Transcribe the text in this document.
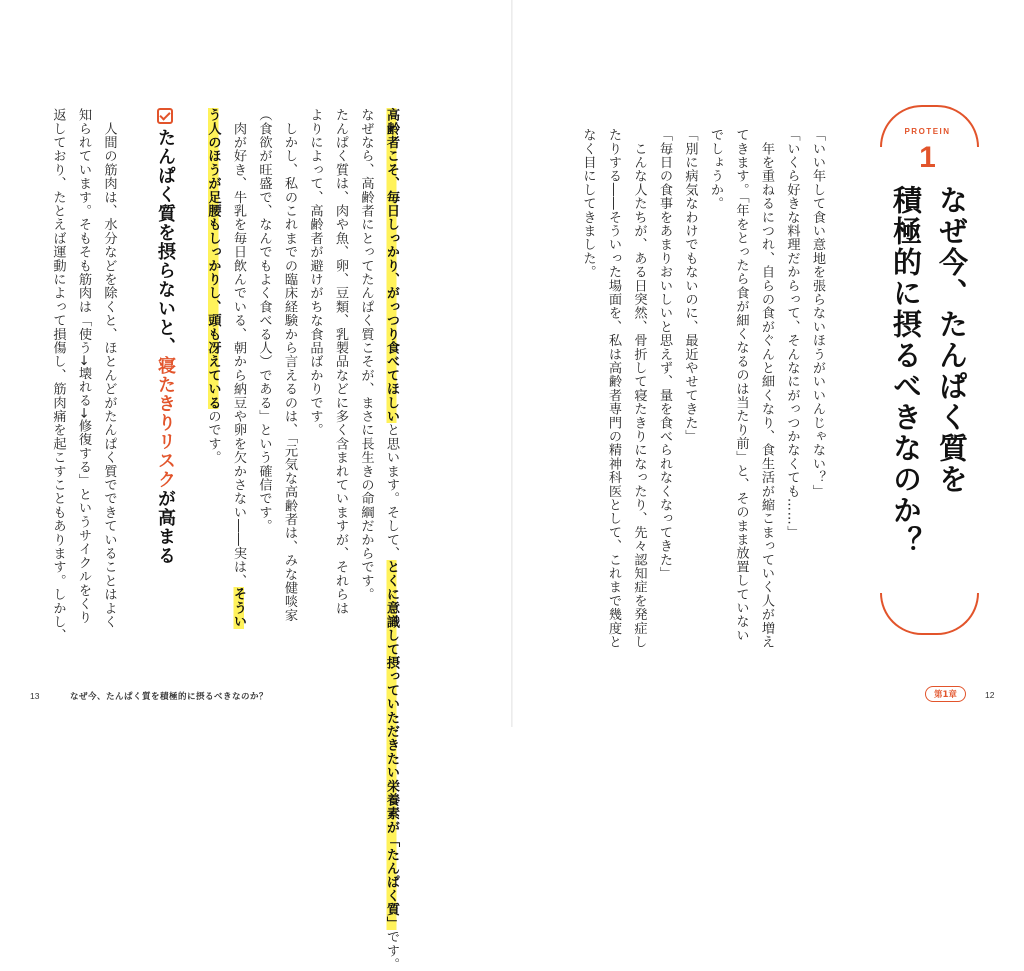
PROTEIN
1

なぜ今、たんぱく質を

積極的に摂るべきなのか？

「いい年して食い意地を張らないほうがいいんじゃない？」

「いくら好きな料理だからって、そんなにがっつかなくても……」

　年を重ねるにつれ、自らの食がぐんと細くなり、食生活が縮こまっていく人が増え

てきます。「年をとったら食が細くなるのは当たり前」と、そのまま放置していない

でしょうか。

「別に病気なわけでもないのに、最近やせてきた」

「毎日の食事をあまりおいしいと思えず、量を食べられなくなってきた」

　こんな人たちが、ある日突然、骨折して寝たきりになったり、先々認知症を発症し

たりする――そういった場面を、私は高齢者専門の精神科医として、これまで幾度と

なく目にしてきました。

高齢者こそ、毎日しっかり、がっつり食べてほしいと思います。そして、とくに意識して摂っていただきたい栄養素が「たんぱく質」です。

なぜなら、高齢者にとってたんぱく質こそが、まさに長生きの命綱だからです。

たんぱく質は、肉や魚、卵、豆類、乳製品などに多く含まれていますが、それらは

よりによって、高齢者が避けがちな食品ばかりです。

　しかし、私のこれまでの臨床経験から言えるのは、「元気な高齢者は、みな健啖家

（食欲が旺盛で、なんでもよく食べる人）である」という確信です。

　肉が好き、牛乳を毎日飲んでいる、朝から納豆や卵を欠かさない――実は、そうい

う人のほうが足腰もしっかりし、頭も冴えているのです。

たんぱく質を摂らないと、寝たきりリスクが高まる

　人間の筋肉は、水分などを除くと、ほとんどがたんぱく質でできていることはよく

知られています。そもそも筋肉は「使う→壊れる→修復する」というサイクルをくり

返しており、たとえば運動によって損傷し、筋肉痛を起こすこともあります。しかし、

13	なぜ今、たんぱく質を積極的に摂るべきなのか？	第1章	12
